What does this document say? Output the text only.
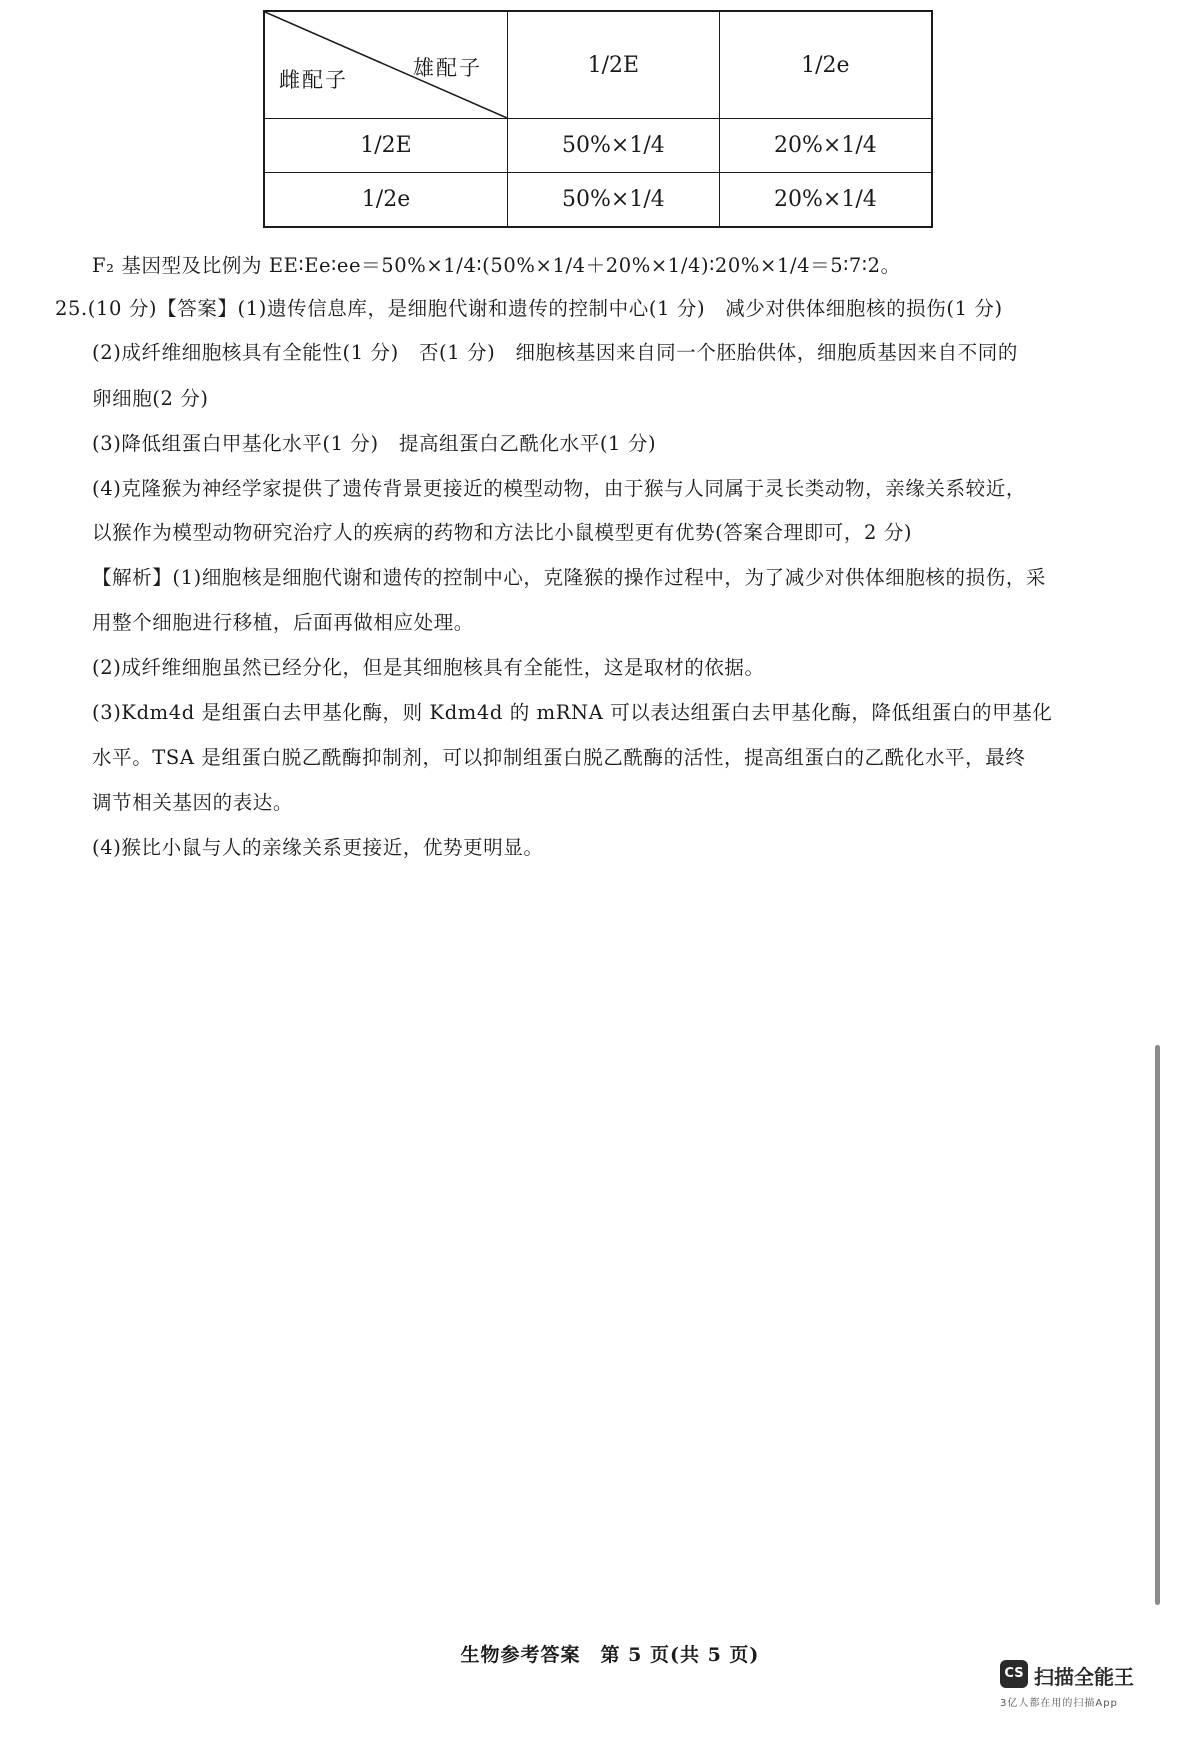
雌配子 雄配子	1/2E	1/2e
1/2E	50%×1/4	20%×1/4
1/2e	50%×1/4	20%×1/4
F₂ 基因型及比例为 EE∶Ee∶ee＝50%×1/4∶(50%×1/4＋20%×1/4)∶20%×1/4＝5∶7∶2。
25.(10 分)【答案】(1)遗传信息库，是细胞代谢和遗传的控制中心(1 分)　减少对供体细胞核的损伤(1 分)
(2)成纤维细胞核具有全能性(1 分)　否(1 分)　细胞核基因来自同一个胚胎供体，细胞质基因来自不同的
卵细胞(2 分)
(3)降低组蛋白甲基化水平(1 分)　提高组蛋白乙酰化水平(1 分)
(4)克隆猴为神经学家提供了遗传背景更接近的模型动物，由于猴与人同属于灵长类动物，亲缘关系较近，
以猴作为模型动物研究治疗人的疾病的药物和方法比小鼠模型更有优势(答案合理即可，2 分)
【解析】(1)细胞核是细胞代谢和遗传的控制中心，克隆猴的操作过程中，为了减少对供体细胞核的损伤，采
用整个细胞进行移植，后面再做相应处理。
(2)成纤维细胞虽然已经分化，但是其细胞核具有全能性，这是取材的依据。
(3)Kdm4d 是组蛋白去甲基化酶，则 Kdm4d 的 mRNA 可以表达组蛋白去甲基化酶，降低组蛋白的甲基化
水平。TSA 是组蛋白脱乙酰酶抑制剂，可以抑制组蛋白脱乙酰酶的活性，提高组蛋白的乙酰化水平，最终
调节相关基因的表达。
(4)猴比小鼠与人的亲缘关系更接近，优势更明显。
生物参考答案　第 5 页(共 5 页)
CS 扫描全能王
3亿人都在用的扫描App
